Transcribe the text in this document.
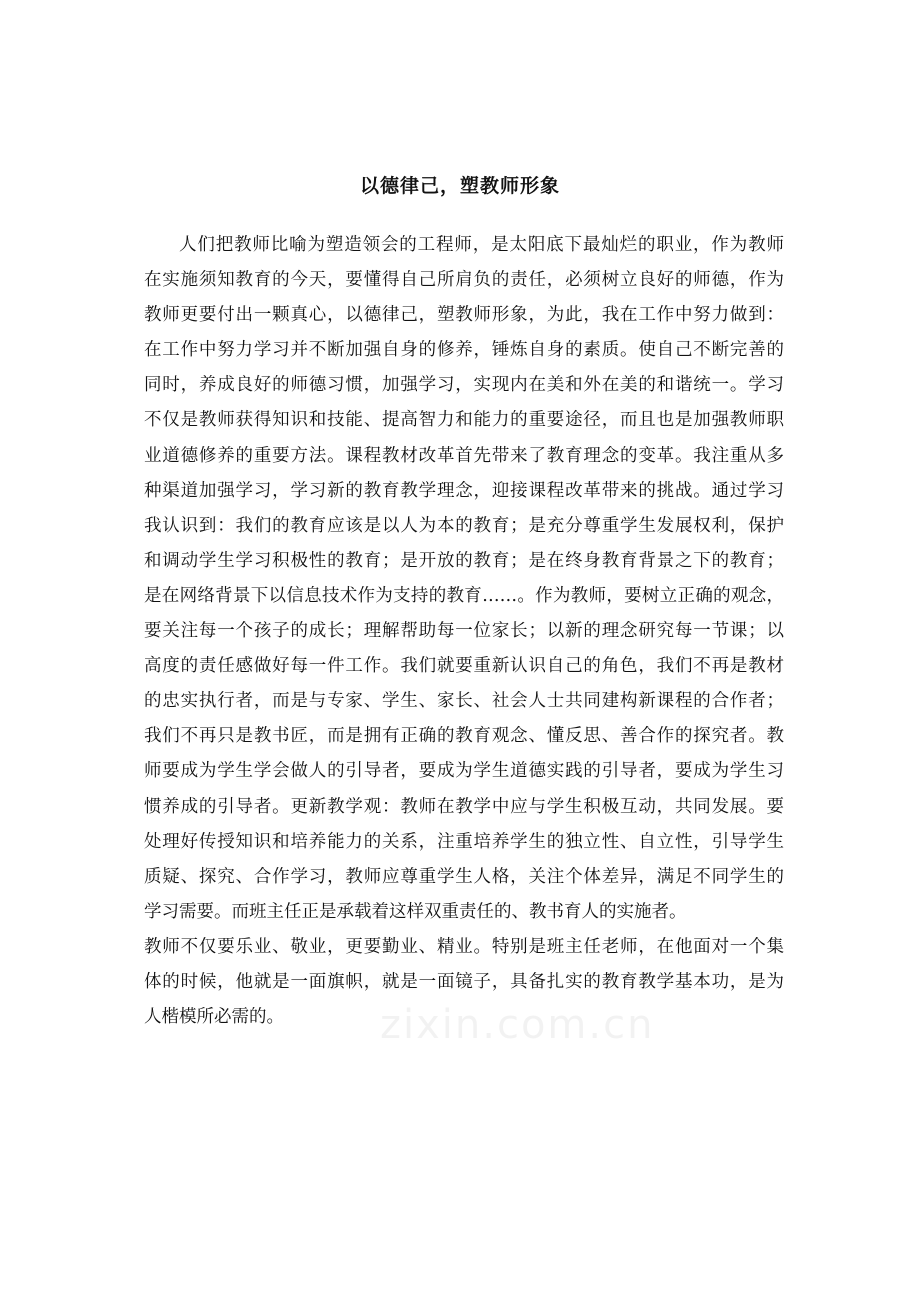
以德律己，塑教师形象
人们把教师比喻为塑造领会的工程师，是太阳底下最灿烂的职业，作为教师
在实施须知教育的今天，要懂得自己所肩负的责任，必须树立良好的师德，作为
教师更要付出一颗真心，以德律己，塑教师形象，为此，我在工作中努力做到：
在工作中努力学习并不断加强自身的修养，锤炼自身的素质。使自己不断完善的
同时，养成良好的师德习惯，加强学习，实现内在美和外在美的和谐统一。学习
不仅是教师获得知识和技能、提高智力和能力的重要途径，而且也是加强教师职
业道德修养的重要方法。课程教材改革首先带来了教育理念的变革。我注重从多
种渠道加强学习，学习新的教育教学理念，迎接课程改革带来的挑战。通过学习
我认识到：我们的教育应该是以人为本的教育；是充分尊重学生发展权利，保护
和调动学生学习积极性的教育；是开放的教育；是在终身教育背景之下的教育；
是在网络背景下以信息技术作为支持的教育……。作为教师，要树立正确的观念，
要关注每一个孩子的成长；理解帮助每一位家长；以新的理念研究每一节课；以
高度的责任感做好每一件工作。我们就要重新认识自己的角色，我们不再是教材
的忠实执行者，而是与专家、学生、家长、社会人士共同建构新课程的合作者；
我们不再只是教书匠，而是拥有正确的教育观念、懂反思、善合作的探究者。教
师要成为学生学会做人的引导者，要成为学生道德实践的引导者，要成为学生习
惯养成的引导者。更新教学观：教师在教学中应与学生积极互动，共同发展。要
处理好传授知识和培养能力的关系，注重培养学生的独立性、自立性，引导学生
质疑、探究、合作学习，教师应尊重学生人格，关注个体差异，满足不同学生的
学习需要。而班主任正是承载着这样双重责任的、教书育人的实施者。
教师不仅要乐业、敬业，更要勤业、精业。特别是班主任老师，在他面对一个集
体的时候，他就是一面旗帜，就是一面镜子，具备扎实的教育教学基本功，是为
人楷模所必需的。	zixin.com.cn
